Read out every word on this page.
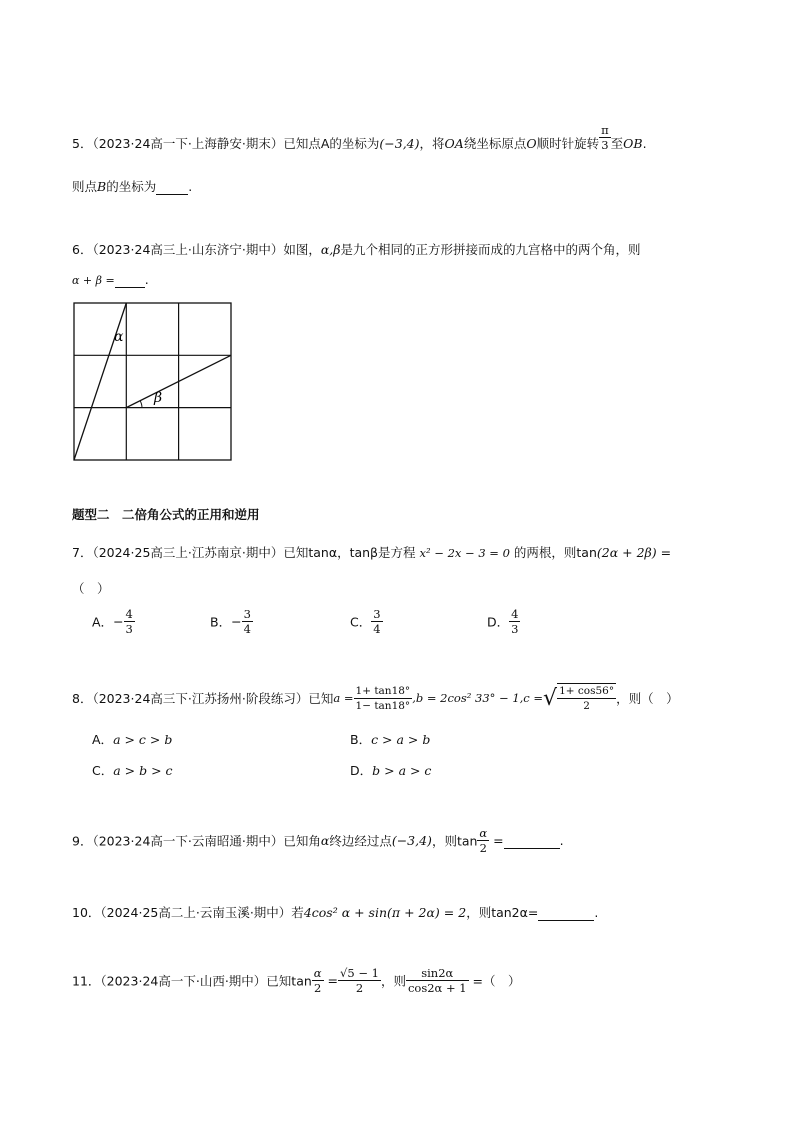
5．（2023·24高一下·上海静安·期末）已知点A的坐标为(−3,4)，将OA绕坐标原点O顺时针旋转 $\frac{\pi}{3}$ 至OB.
则点B的坐标为	.
6．（2023·24高三上·山东济宁·期中）如图，α,β是九个相同的正方形拼接而成的九宫格中的两个角，则
α + β = .
α
β
题型二　二倍角公式的正用和逆用
7．（2024·25高三上·江苏南京·期中）已知tanα，tanβ是方程 x² − 2x − 3 = 0 的两根，则tan(2α + 2β) =
（　）
A．− $\frac{4}{3}$	B．− $\frac{3}{4}$	C． $\frac{3}{4}$	D． $\frac{4}{3}$
8．（2023·24高三下·江苏扬州·阶段练习）已知$a = \frac{1+ \tan 18^\circ}{1- \tan 18^\circ} ,b = 2\cos^2$ 33° − 1,c =√ $\frac{1+ \cos 56^\circ}{2}$ ，则（　）
A．a > c > b	B．c > a > b
C．a > b > c	D．b > a > c
9．（2023·24高一下·云南昭通·期中）已知角α终边经过点(−3,4)，则$\tan \frac{\alpha}{2}$ =	.
10．（2024·25高二上·云南玉溪·期中）若4cos² α + sin(π + 2α) = 2，则tan2α=	.
11．（2023·24高一下·山西·期中）已知$\tan \frac{\alpha}{2} = \frac{√5 - 1}{2}$ ，则 $\frac{\sin 2\alpha}{\cos 2\alpha + 1}$ =（　）
